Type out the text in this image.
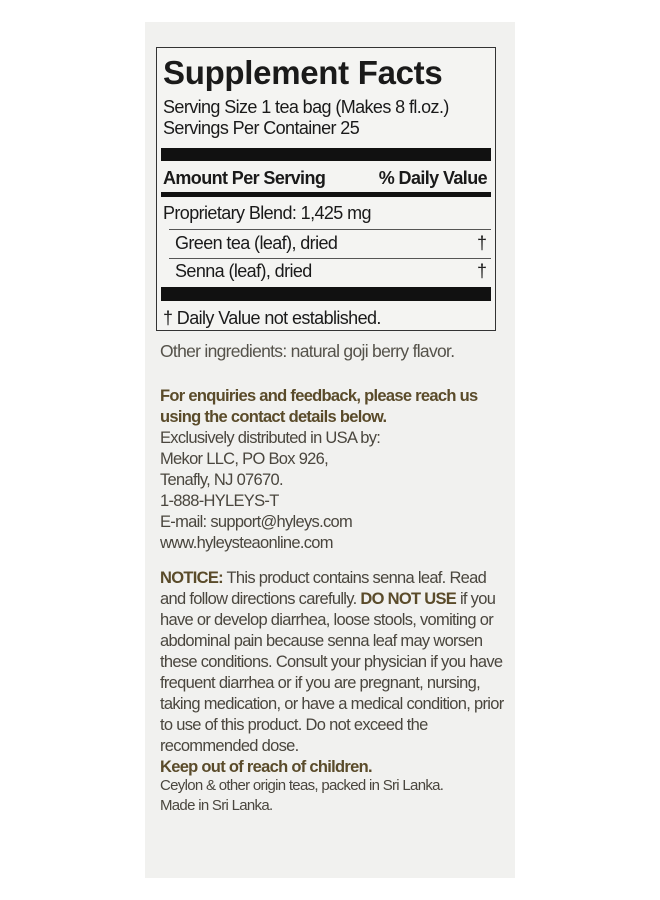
Supplement Facts
Serving Size 1 tea bag (Makes 8 fl.oz.)
Servings Per Container 25
Amount Per Serving	% Daily Value
Proprietary Blend: 1,425 mg
Green tea (leaf), dried	†
Senna (leaf), dried	†
† Daily Value not established.
Other ingredients: natural goji berry flavor.
For enquiries and feedback, please reach us
using the contact details below.
Exclusively distributed in USA by:
Mekor LLC, PO Box 926,
Tenafly, NJ 07670.
1-888-HYLEYS-T
E-mail: support@hyleys.com
www.hyleysteaonline.com
NOTICE: This product contains senna leaf. Read
and follow directions carefully. DO NOT USE if you
have or develop diarrhea, loose stools, vomiting or
abdominal pain because senna leaf may worsen
these conditions. Consult your physician if you have
frequent diarrhea or if you are pregnant, nursing,
taking medication, or have a medical condition, prior
to use of this product. Do not exceed the
recommended dose.
Keep out of reach of children.
Ceylon & other origin teas, packed in Sri Lanka.
Made in Sri Lanka.
